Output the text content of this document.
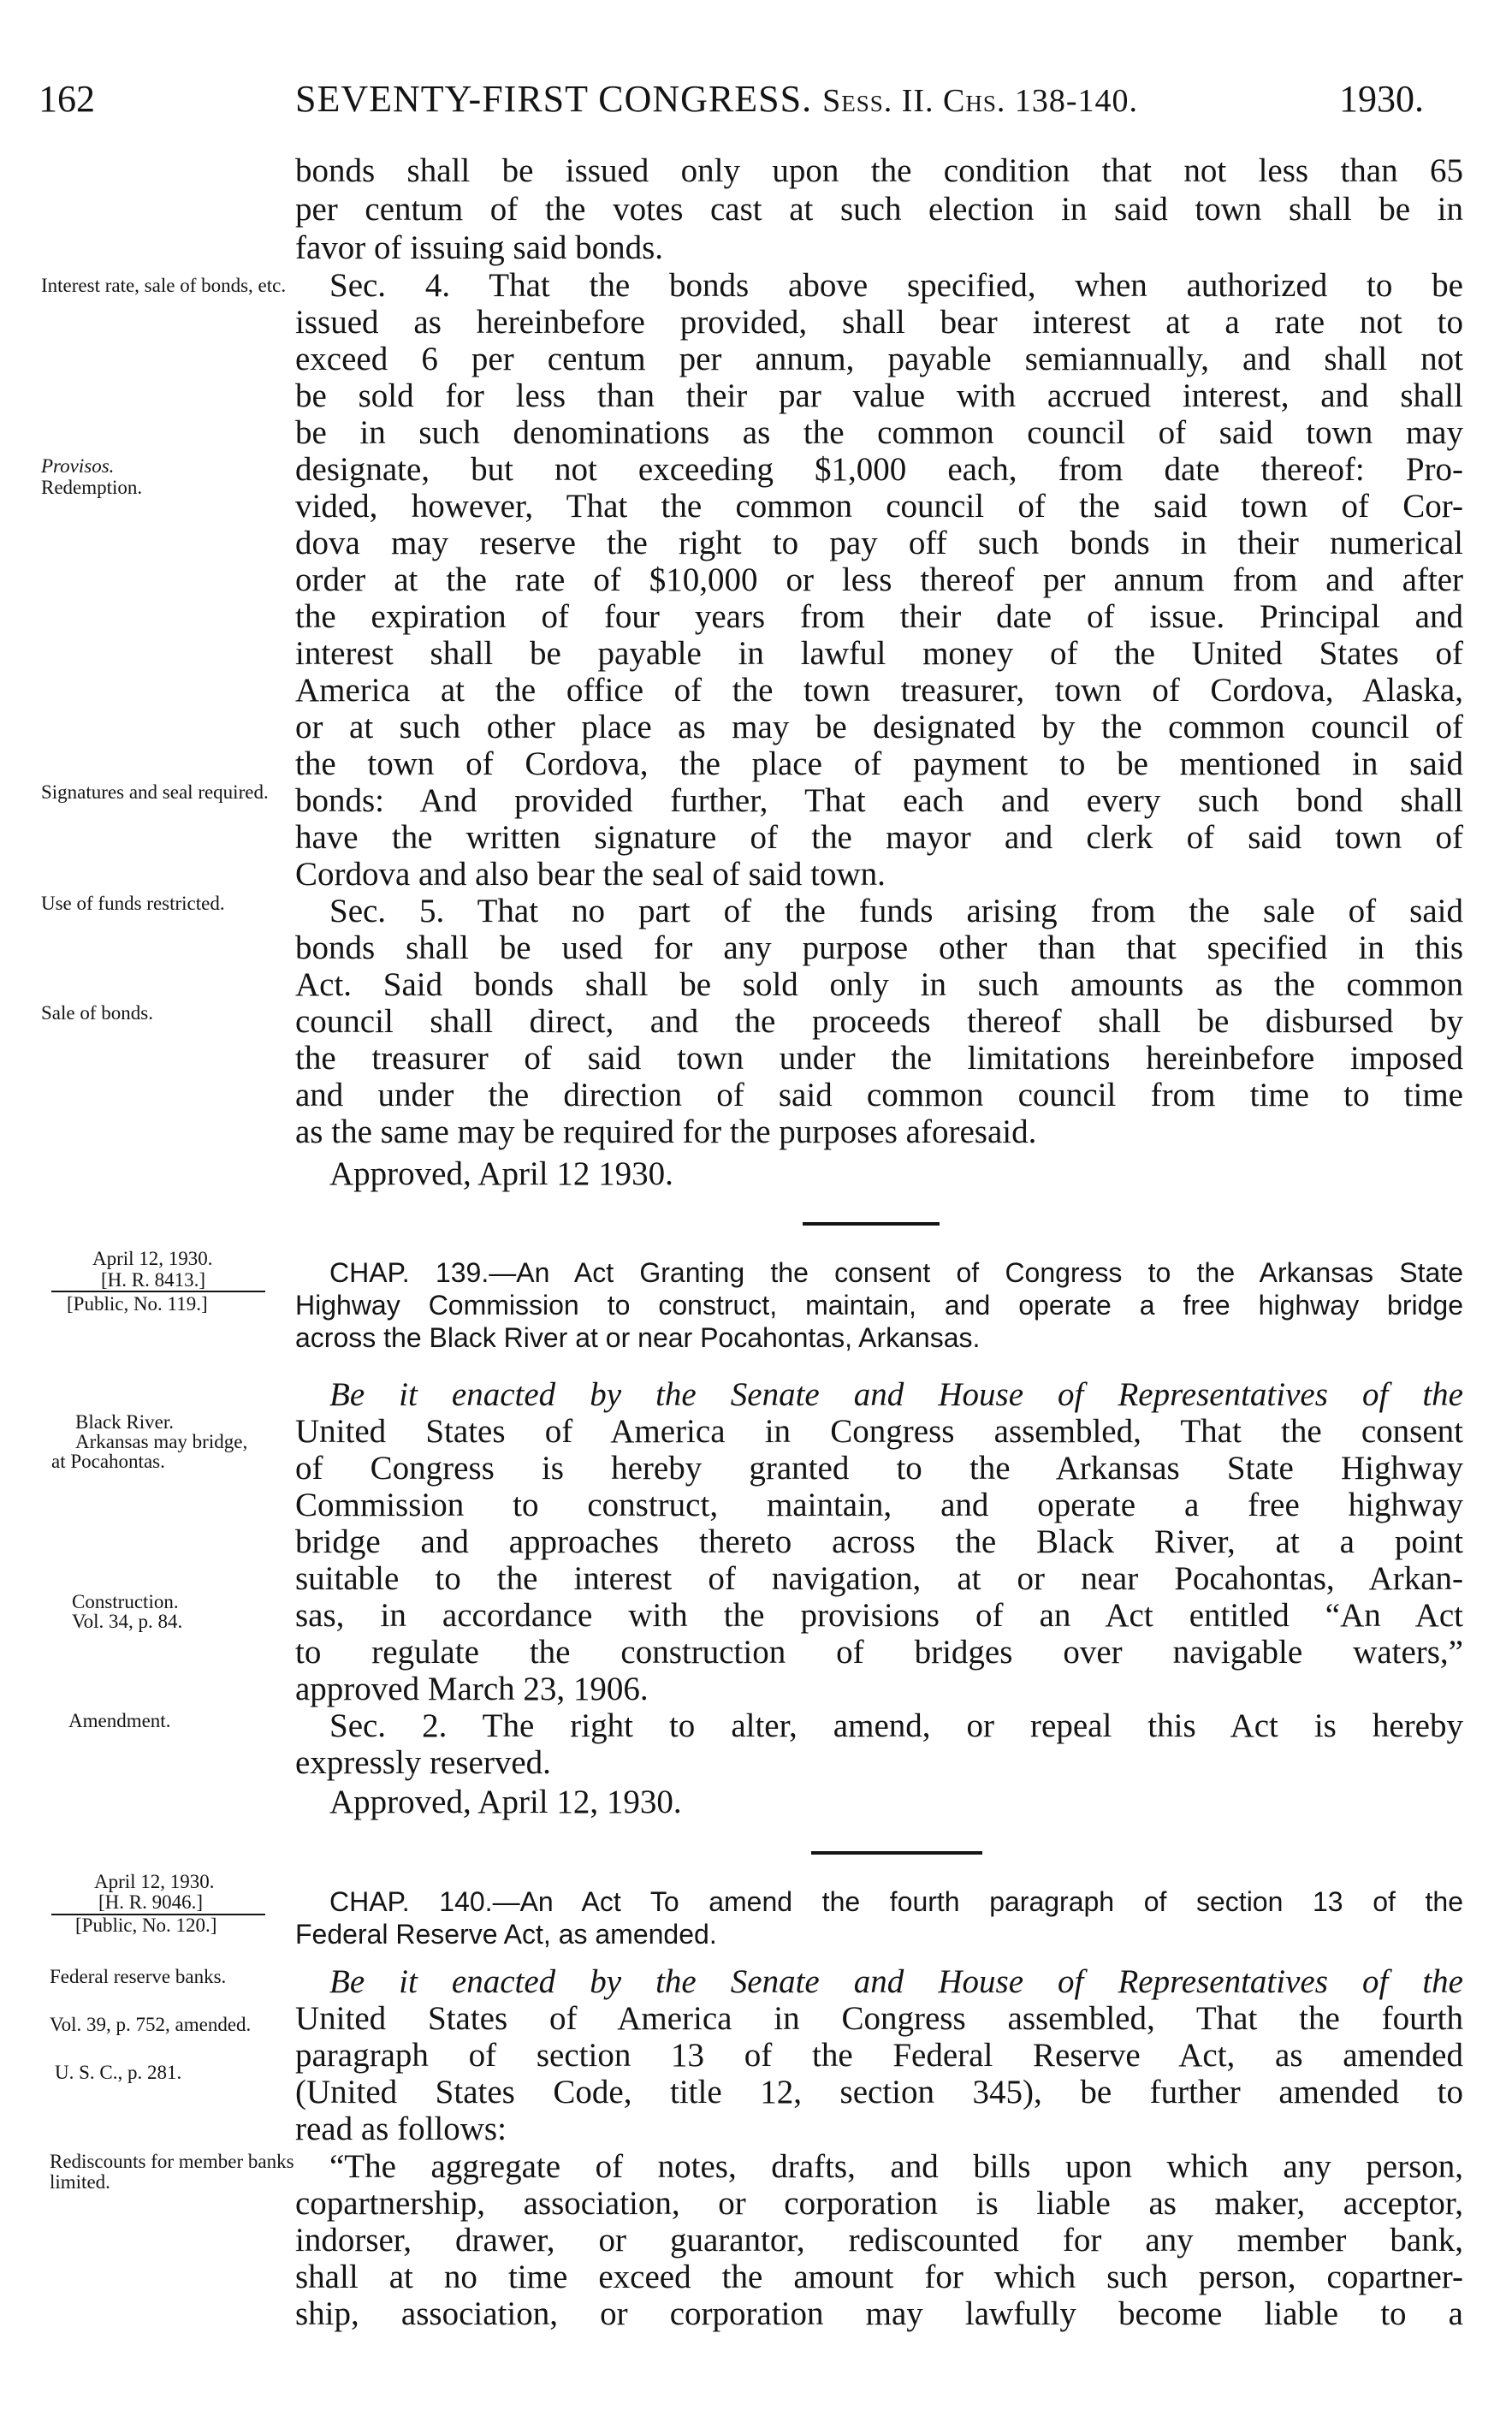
162	SEVENTY-FIRST CONGRESS. Sess. II. Chs. 138-140.	1930.
bonds shall be issued only upon the condition that not less than 65
per centum of the votes cast at such election in said town shall be in
favor of issuing said bonds.
Sec. 4. That the bonds above specified, when authorized to be
issued as hereinbefore provided, shall bear interest at a rate not to
exceed 6 per centum per annum, payable semiannually, and shall not
be sold for less than their par value with accrued interest, and shall
be in such denominations as the common council of said town may
designate, but not exceeding $1,000 each, from date thereof: Pro-
vided, however, That the common council of the said town of Cor-
dova may reserve the right to pay off such bonds in their numerical
order at the rate of $10,000 or less thereof per annum from and after
the expiration of four years from their date of issue. Principal and
interest shall be payable in lawful money of the United States of
America at the office of the town treasurer, town of Cordova, Alaska,
or at such other place as may be designated by the common council of
the town of Cordova, the place of payment to be mentioned in said
bonds: And provided further, That each and every such bond shall
have the written signature of the mayor and clerk of said town of
Cordova and also bear the seal of said town.
Sec. 5. That no part of the funds arising from the sale of said
bonds shall be used for any purpose other than that specified in this
Act. Said bonds shall be sold only in such amounts as the common
council shall direct, and the proceeds thereof shall be disbursed by
the treasurer of said town under the limitations hereinbefore imposed
and under the direction of said common council from time to time
as the same may be required for the purposes aforesaid.
Approved, April 12 1930.
CHAP. 139.—An Act Granting the consent of Congress to the Arkansas State
Highway Commission to construct, maintain, and operate a free highway bridge
across the Black River at or near Pocahontas, Arkansas.
Be it enacted by the Senate and House of Representatives of the
United States of America in Congress assembled, That the consent
of Congress is hereby granted to the Arkansas State Highway
Commission to construct, maintain, and operate a free highway
bridge and approaches thereto across the Black River, at a point
suitable to the interest of navigation, at or near Pocahontas, Arkan-
sas, in accordance with the provisions of an Act entitled “An Act
to regulate the construction of bridges over navigable waters,”
approved March 23, 1906.
Sec. 2. The right to alter, amend, or repeal this Act is hereby
expressly reserved.
Approved, April 12, 1930.
CHAP. 140.—An Act To amend the fourth paragraph of section 13 of the
Federal Reserve Act, as amended.
Be it enacted by the Senate and House of Representatives of the
United States of America in Congress assembled, That the fourth
paragraph of section 13 of the Federal Reserve Act, as amended
(United States Code, title 12, section 345), be further amended to
read as follows:
“The aggregate of notes, drafts, and bills upon which any person,
copartnership, association, or corporation is liable as maker, acceptor,
indorser, drawer, or guarantor, rediscounted for any member bank,
shall at no time exceed the amount for which such person, copartner-
ship, association, or corporation may lawfully become liable to a
Interest rate, sale of bonds, etc.
Provisos.
Redemption.
Signatures and seal required.
Use of funds restricted.
Sale of bonds.
April 12, 1930.
[H. R. 8413.]
[Public, No. 119.]
Black River.
Arkansas may bridge,
at Pocahontas.
Construction.
Vol. 34, p. 84.
Amendment.
April 12, 1930.
[H. R. 9046.]
[Public, No. 120.]
Federal reserve banks.
Vol. 39, p. 752, amended.
U. S. C., p. 281.
Rediscounts for member banks limited.
